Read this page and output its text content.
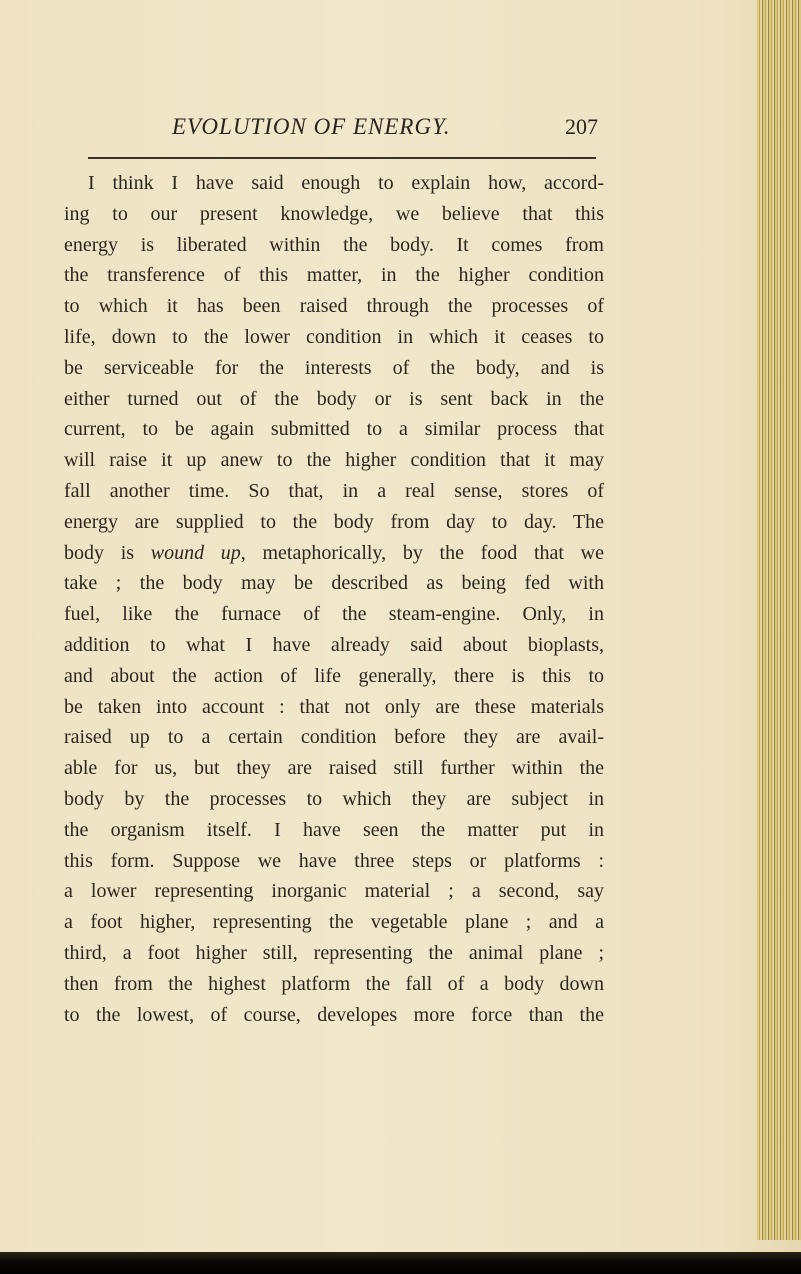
EVOLUTION OF ENERGY.	207
I think I have said enough to explain how, accord-
ing to our present knowledge, we believe that this
energy is liberated within the body. It comes from
the transference of this matter, in the higher condition
to which it has been raised through the processes of
life, down to the lower condition in which it ceases to
be serviceable for the interests of the body, and is
either turned out of the body or is sent back in the
current, to be again submitted to a similar process that
will raise it up anew to the higher condition that it may
fall another time. So that, in a real sense, stores of
energy are supplied to the body from day to day. The
body is wound up, metaphorically, by the food that we
take ; the body may be described as being fed with
fuel, like the furnace of the steam-engine. Only, in
addition to what I have already said about bioplasts,
and about the action of life generally, there is this to
be taken into account : that not only are these materials
raised up to a certain condition before they are avail-
able for us, but they are raised still further within the
body by the processes to which they are subject in
the organism itself. I have seen the matter put in
this form. Suppose we have three steps or platforms :
a lower representing inorganic material ; a second, say
a foot higher, representing the vegetable plane ; and a
third, a foot higher still, representing the animal plane ;
then from the highest platform the fall of a body down
to the lowest, of course, developes more force than the
